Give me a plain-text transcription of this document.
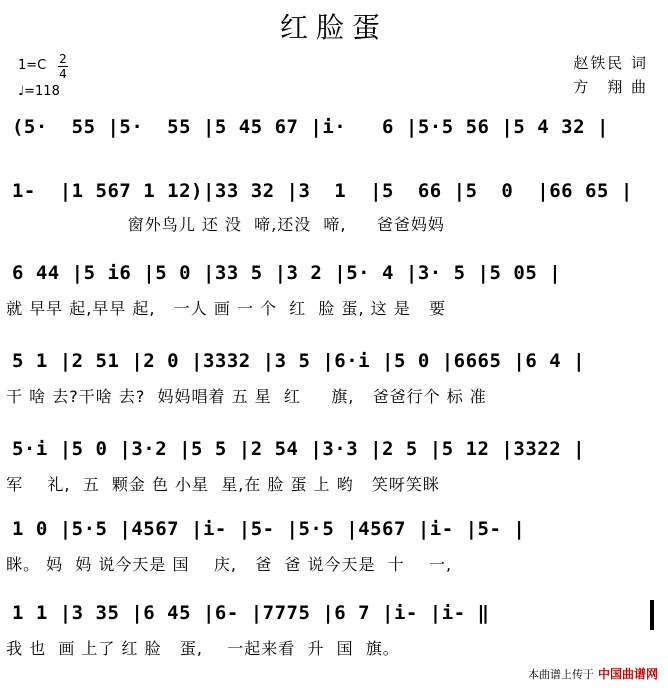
红脸蛋
1=C 2
4
♩=118
赵铁民 词
方　翔 曲
(5·  55 |5·  55 |5 45 67 |i·   6 |5·5 56 |5 4 32 |
1-  |1 567 1 12)|33 32 |3  1  |5  66 |5  0  |66 65 |
窗外鸟儿 还 没  啼,还没  啼,     爸爸妈妈
6 44 |5 i6 |5 0 |33 5 |3 2 |5· 4 |3· 5 |5 05 |
就 早早 起,早早 起,   一人 画 一 个  红  脸 蛋, 这 是   要
5 1 |2 51 |2 0 |3332 |3 5 |6·i |5 0 |6665 |6 4 |
干 啥 去?干啥 去?  妈妈唱着 五 星  红     旗,   爸爸行个 标 准
5·i |5 0 |3·2 |5 5 |2 54 |3·3 |2 5 |5 12 |3322 |
军    礼,  五  颗金 色 小星  星,在 脸 蛋 上 哟   笑呀笑眯
1 0 |5·5 |4567 |i- |5- |5·5 |4567 |i- |5- |
眯。 妈  妈 说今天是 国    庆,   爸  爸 说今天是  十    一,
1 1 |3 35 |6 45 |6- |7775 |6 7 |i- |i- ‖
我 也  画 上了 红 脸   蛋,    一起来看  升  国  旗。
本曲谱上传于 中国曲谱网
